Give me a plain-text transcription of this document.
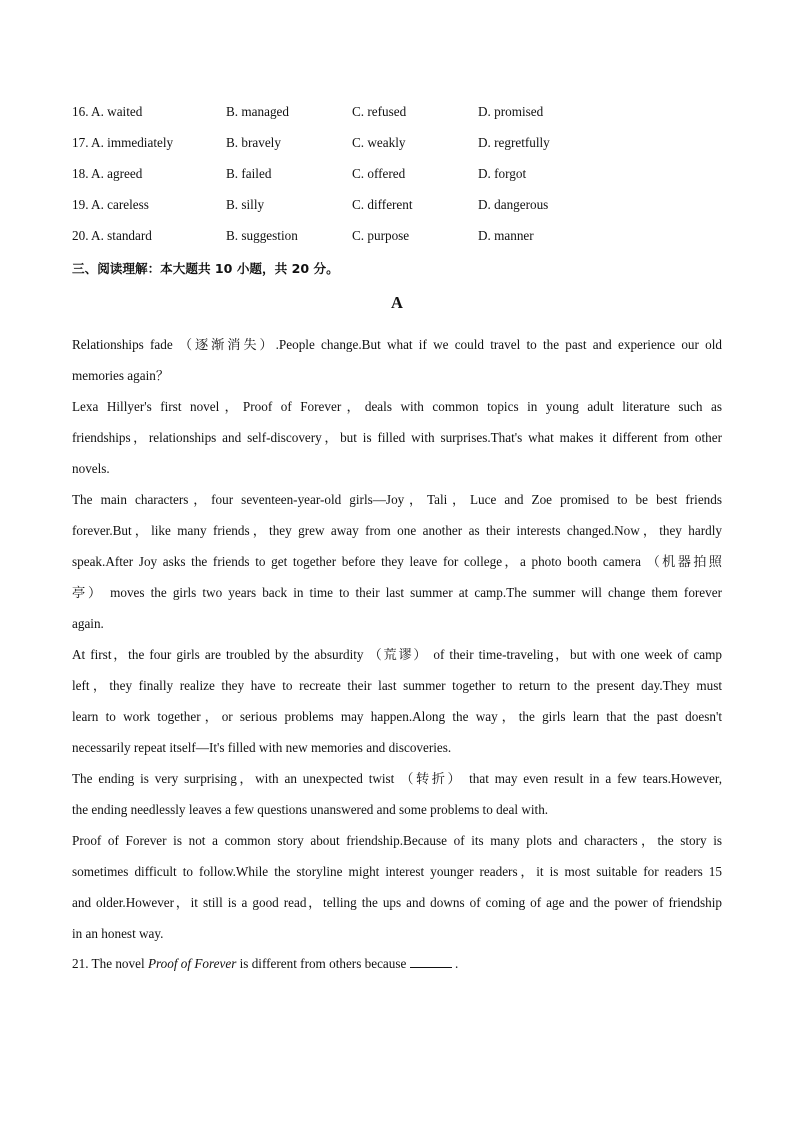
16. A. waited	B. managed	C. refused	D. promised
17. A. immediately	B. bravely	C. weakly	D. regretfully
18. A. agreed	B. failed	C. offered	D. forgot
19. A. careless	B. silly	C. different	D. dangerous
20. A. standard	B. suggestion	C. purpose	D. manner
三、阅读理解：本大题共 10 小题，共 20 分。
A
Relationships fade （逐渐消失）.People change.But what if we could travel to the past and experience our old
memories again？
Lexa Hillyer's first novel，Proof of Forever，deals with common topics in young adult literature such as
friendships，relationships and self-discovery，but is filled with surprises.That's what makes it different from other
novels.
The main characters，four seventeen-year-old girls—Joy，Tali，Luce and Zoe promised to be best friends
forever.But，like many friends，they grew away from one another as their interests changed.Now，they hardly
speak.After Joy asks the friends to get together before they leave for college，a photo booth camera （机器拍照
亭） moves the girls two years back in time to their last summer at camp.The summer will change them forever
again.
At first，the four girls are troubled by the absurdity （荒谬） of their time-traveling，but with one week of camp
left，they finally realize they have to recreate their last summer together to return to the present day.They must
learn to work together，or serious problems may happen.Along the way，the girls learn that the past doesn't
necessarily repeat itself—It's filled with new memories and discoveries.
The ending is very surprising，with an unexpected twist （转折） that may even result in a few tears.However,
the ending needlessly leaves a few questions unanswered and some problems to deal with.
Proof of Forever is not a common story about friendship.Because of its many plots and characters，the story is
sometimes difficult to follow.While the storyline might interest younger readers，it is most suitable for readers 15
and older.However，it still is a good read，telling the ups and downs of coming of age and the power of friendship
in an honest way.
21. The novel Proof of Forever is different from others because	.
